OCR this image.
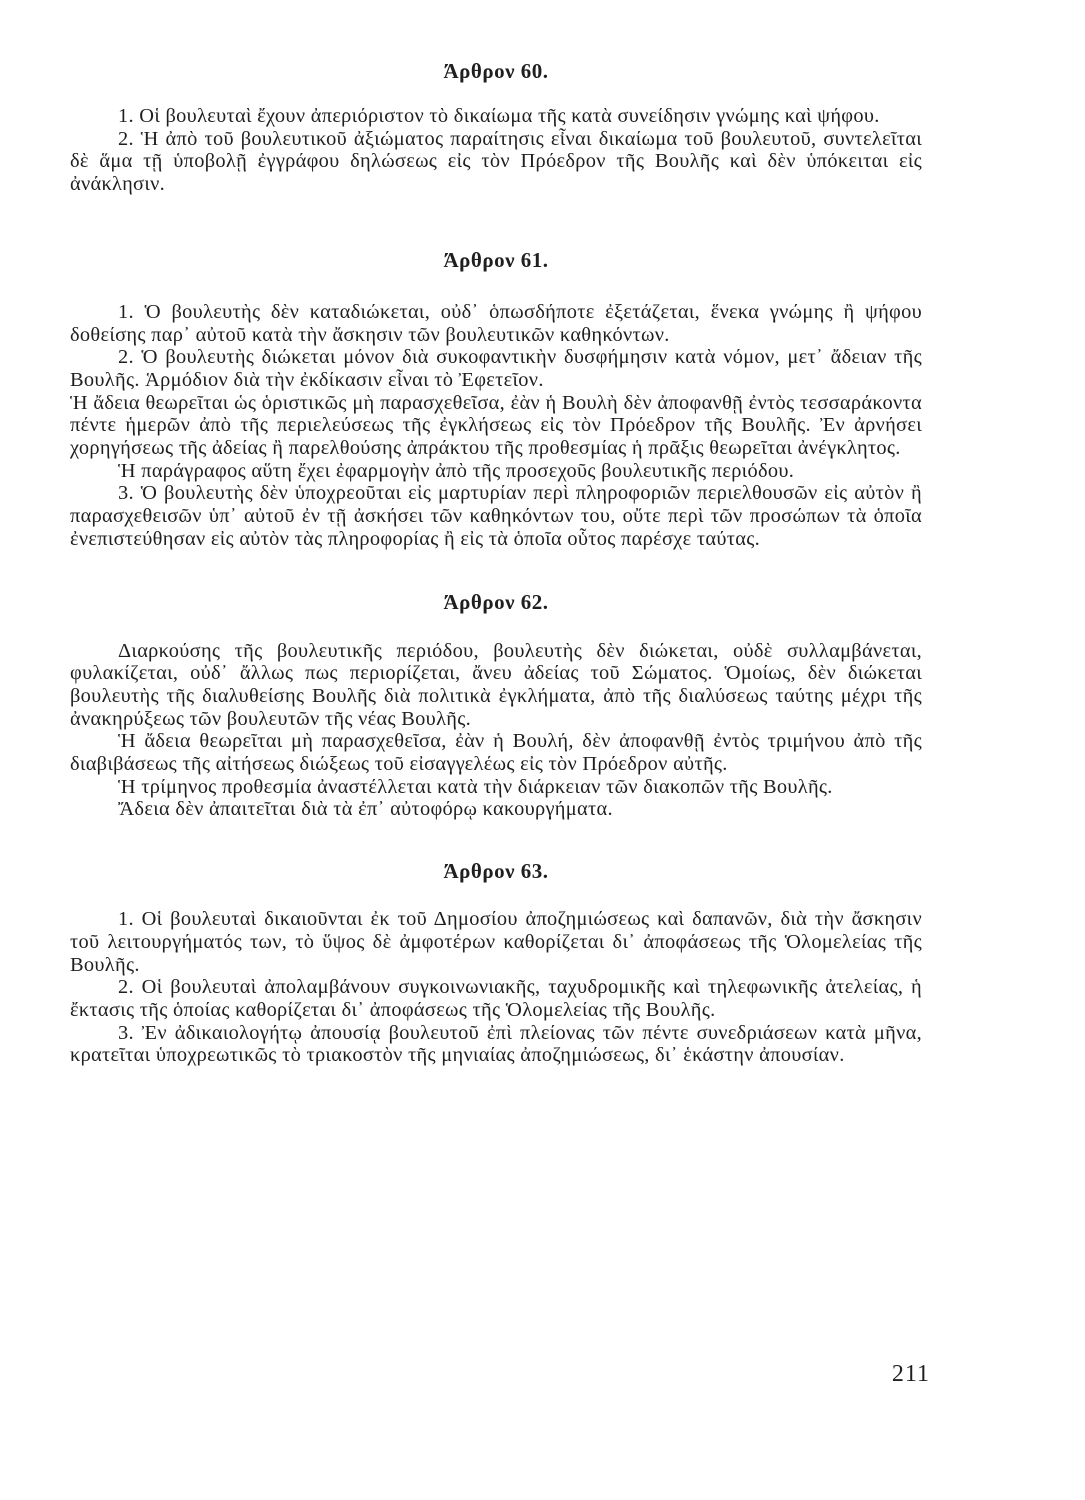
Άρθρον 60.

1. Οἱ βουλευταὶ ἔχουν ἀπεριόριστον τὸ δικαίωμα τῆς κατὰ συνείδησιν γνώμης καὶ ψήφου.

2. Ἡ ἀπὸ τοῦ βουλευτικοῦ ἀξιώματος παραίτησις εἶναι δικαίωμα τοῦ βουλευτοῦ, συντελεῖται δὲ ἅμα τῇ ὑποβολῇ ἐγγράφου δηλώσεως εἰς τὸν Πρόεδρον τῆς Βουλῆς καὶ δὲν ὑπόκειται εἰς ἀνάκλησιν.

Άρθρον 61.

1. Ὁ βουλευτὴς δὲν καταδιώκεται, οὐδ᾿ ὁπωσδήποτε ἐξετάζεται, ἕνεκα γνώμης ἢ ψήφου δοθείσης παρ᾿ αὐτοῦ κατὰ τὴν ἄσκησιν τῶν βουλευτικῶν καθηκόντων.

2. Ὁ βουλευτὴς διώκεται μόνον διὰ συκοφαντικὴν δυσφήμησιν κατὰ νόμον, μετ᾿ ἄδειαν τῆς Βουλῆς. Ἁρμόδιον διὰ τὴν ἐκδίκασιν εἶναι τὸ Ἐφετεῖον.

Ἡ ἄδεια θεωρεῖται ὡς ὁριστικῶς μὴ παρασχεθεῖσα, ἐὰν ἡ Βουλὴ δὲν ἀποφανθῇ ἐντὸς τεσσαράκοντα πέντε ἡμερῶν ἀπὸ τῆς περιελεύσεως τῆς ἐγκλήσεως εἰς τὸν Πρόεδρον τῆς Βουλῆς. Ἐν ἀρνήσει χορηγήσεως τῆς ἀδείας ἢ παρελθούσης ἀπράκτου τῆς προθεσμίας ἡ πρᾶξις θεωρεῖται ἀνέγκλητος.

Ἡ παράγραφος αὕτη ἔχει ἐφαρμογὴν ἀπὸ τῆς προσεχοῦς βουλευτικῆς περιόδου.

3. Ὁ βουλευτὴς δὲν ὑποχρεοῦται εἰς μαρτυρίαν περὶ πληροφοριῶν περιελθουσῶν εἰς αὐτὸν ἢ παρασχεθεισῶν ὑπ᾿ αὐτοῦ ἐν τῇ ἀσκήσει τῶν καθηκόντων του, οὔτε περὶ τῶν προσώπων τὰ ὁποῖα ἐνεπιστεύθησαν εἰς αὐτὸν τὰς πληροφορίας ἢ εἰς τὰ ὁποῖα οὗτος παρέσχε ταύτας.

Άρθρον 62.

Διαρκούσης τῆς βουλευτικῆς περιόδου, βουλευτὴς δὲν διώκεται, οὐδὲ συλλαμβάνεται, φυλακίζεται, οὐδ᾿ ἄλλως πως περιορίζεται, ἄνευ ἀδείας τοῦ Σώματος. Ὁμοίως, δὲν διώκεται βουλευτὴς τῆς διαλυθείσης Βουλῆς διὰ πολιτικὰ ἐγκλήματα, ἀπὸ τῆς διαλύσεως ταύτης μέχρι τῆς ἀνακηρύξεως τῶν βουλευτῶν τῆς νέας Βουλῆς.

Ἡ ἄδεια θεωρεῖται μὴ παρασχεθεῖσα, ἐὰν ἡ Βουλή, δὲν ἀποφανθῇ ἐντὸς τριμήνου ἀπὸ τῆς διαβιβάσεως τῆς αἰτήσεως διώξεως τοῦ εἰσαγγελέως εἰς τὸν Πρόεδρον αὐτῆς.

Ἡ τρίμηνος προθεσμία ἀναστέλλεται κατὰ τὴν διάρκειαν τῶν διακοπῶν τῆς Βουλῆς.

Ἄδεια δὲν ἀπαιτεῖται διὰ τὰ ἐπ᾿ αὐτοφόρῳ κακουργήματα.

Άρθρον 63.

1. Οἱ βουλευταὶ δικαιοῦνται ἐκ τοῦ Δημοσίου ἀποζημιώσεως καὶ δαπανῶν, διὰ τὴν ἄσκησιν τοῦ λειτουργήματός των, τὸ ὕψος δὲ ἀμφοτέρων καθορίζεται δι᾿ ἀποφάσεως τῆς Ὁλομελείας τῆς Βουλῆς.

2. Οἱ βουλευταὶ ἀπολαμβάνουν συγκοινωνιακῆς, ταχυδρομικῆς καὶ τηλεφωνικῆς ἀτελείας, ἡ ἔκτασις τῆς ὁποίας καθορίζεται δι᾿ ἀποφάσεως τῆς Ὁλομελείας τῆς Βουλῆς.

3. Ἐν ἀδικαιολογήτῳ ἀπουσίᾳ βουλευτοῦ ἐπὶ πλείονας τῶν πέντε συνεδριάσεων κατὰ μῆνα, κρατεῖται ὑποχρεωτικῶς τὸ τριακοστὸν τῆς μηνιαίας ἀποζημιώσεως, δι᾿ ἑκάστην ἀπουσίαν.

211
